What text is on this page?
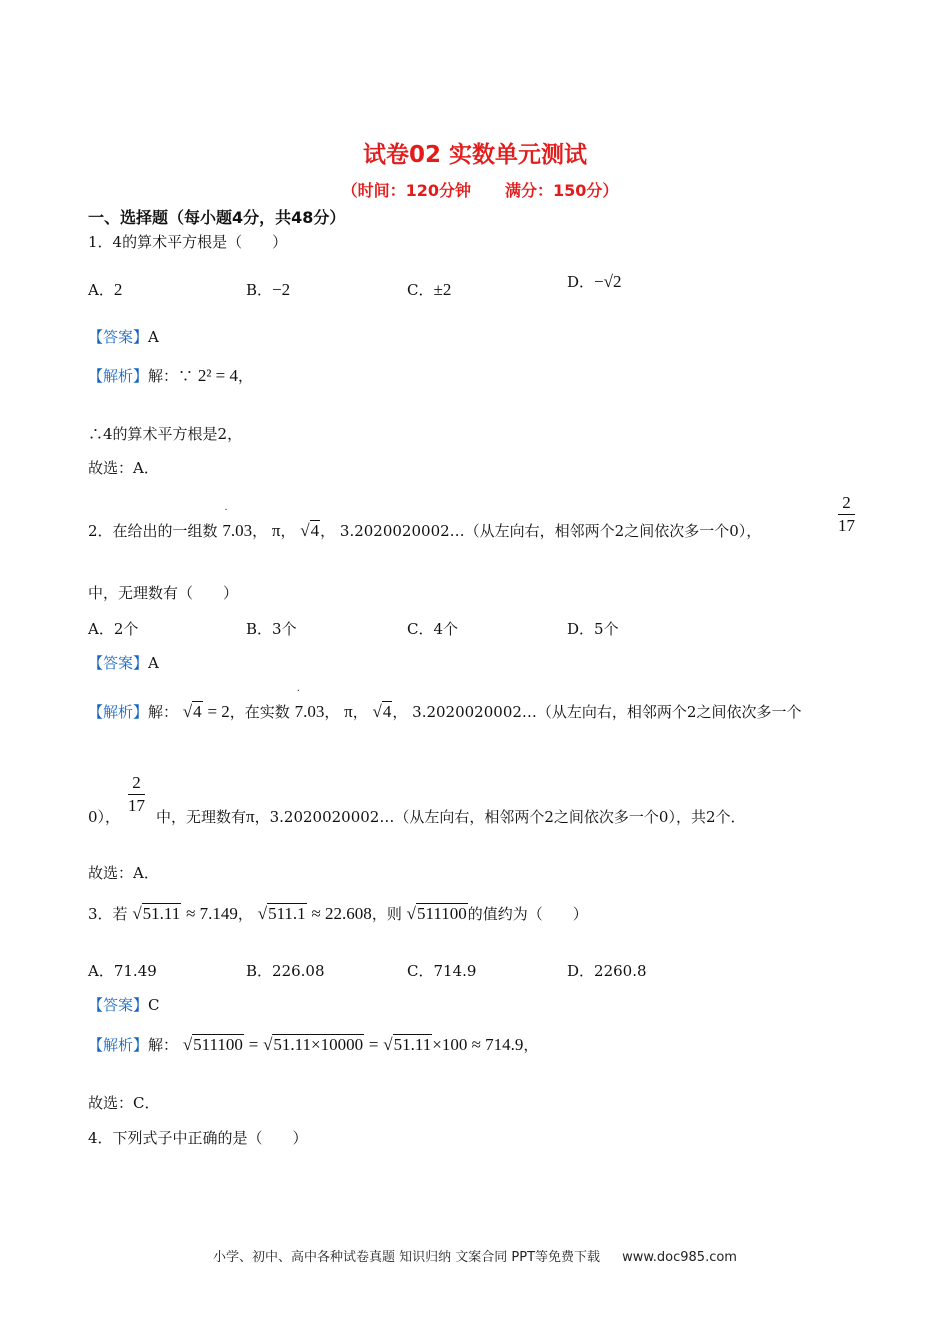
试卷02 实数单元测试
（时间：120分钟 满分：150分）
一、选择题（每小题4分，共48分）
1．4的算术平方根是（　　）
A．2	B．−2	C．±2	D．−√2
【答案】A
【解析】解：∵ 2² = 4，
∴4的算术平方根是2，
故选：A．
2．在给出的一组数 7.03 ·， π， √4， 3.2020020002…（从左向右，相邻两个2之间依次多一个0），	$\frac{2}{17}$
中，无理数有（　　）
A．2个	B．3个	C．4个	D．5个
【答案】A
【解析】解： √4 = 2，在实数 7.03 ·， π， √4， 3.2020020002…（从左向右，相邻两个2之间依次多一个
0）， $\frac{2}{17}$ 中，无理数有π，3.2020020002…（从左向右，相邻两个2之间依次多一个0），共2个．
故选：A．
3．若 √51.11 ≈ 7.149， √511.1 ≈ 22.608，则 √511100的值约为（　　）
A．71.49	B．226.08	C．714.9	D．2260.8
【答案】C
【解析】解： √511100 = √51.11×10000 = √51.11×100 ≈ 714.9，
故选：C．
4．下列式子中正确的是（　　）
小学、初中、高中各种试卷真题 知识归纳 文案合同 PPT等免费下载 www.doc985.com
